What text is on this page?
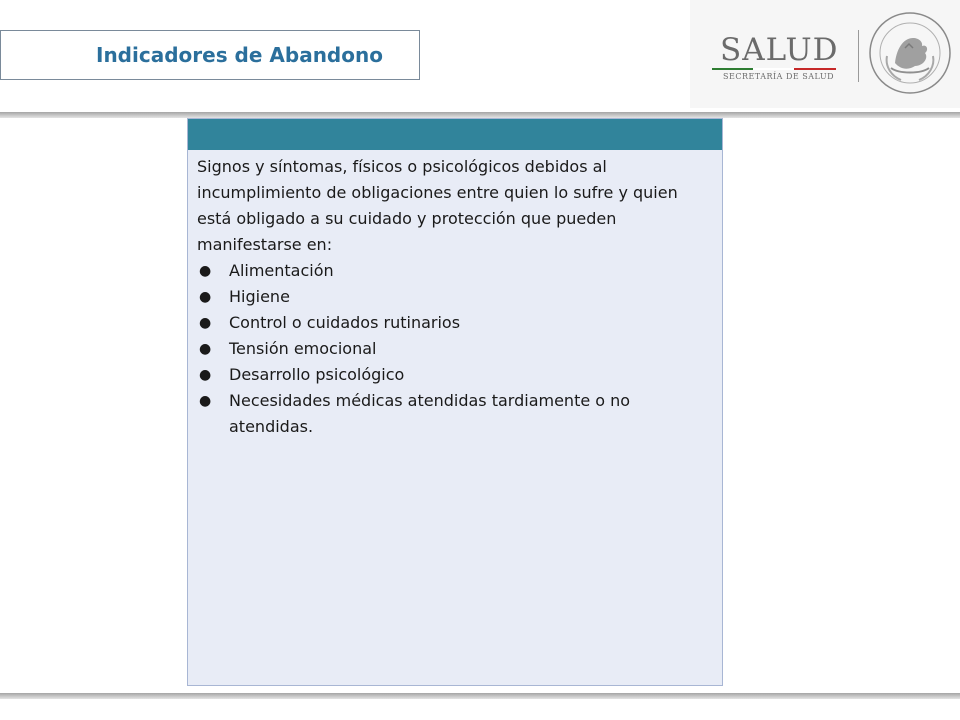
Indicadores de Abandono	SALUD
SECRETARÍA DE SALUD

Signos y síntomas, físicos o psicológicos debidos al incumplimiento de obligaciones entre quien lo sufre y quien está obligado a su cuidado y protección que pueden manifestarse en:

● Alimentación
● Higiene
● Control o cuidados rutinarios
● Tensión emocional
● Desarrollo psicológico
● Necesidades médicas atendidas tardiamente o no atendidas.
